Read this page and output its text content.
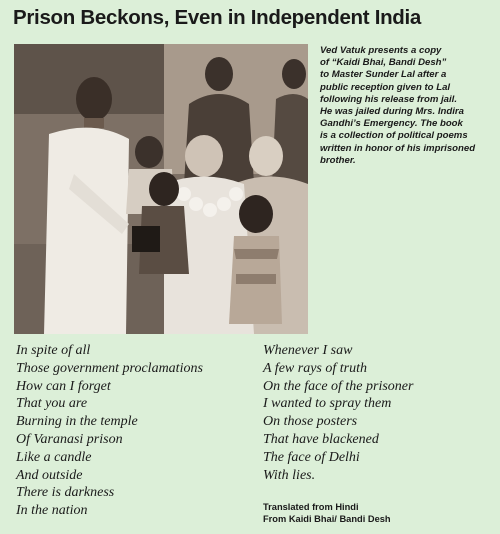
Prison Beckons, Even in Independent India
Ved Vatuk presents a copy
of “Kaidi Bhai, Bandi Desh”
to Master Sunder Lal after a
public reception given to Lal
following his release from jail.
He was jailed during Mrs. Indira
Gandhi’s Emergency. The book
is a collection of political poems
written in honor of his imprisoned
brother.
In spite of all
Those government proclamations
How can I forget
That you are
Burning in the temple
Of Varanasi prison
Like a candle
And outside
There is darkness
In the nation
Whenever I saw
A few rays of truth
On the face of the prisoner
I wanted to spray them
On those posters
That have blackened
The face of Delhi
With lies.
Translated from Hindi
From Kaidi Bhai/ Bandi Desh
